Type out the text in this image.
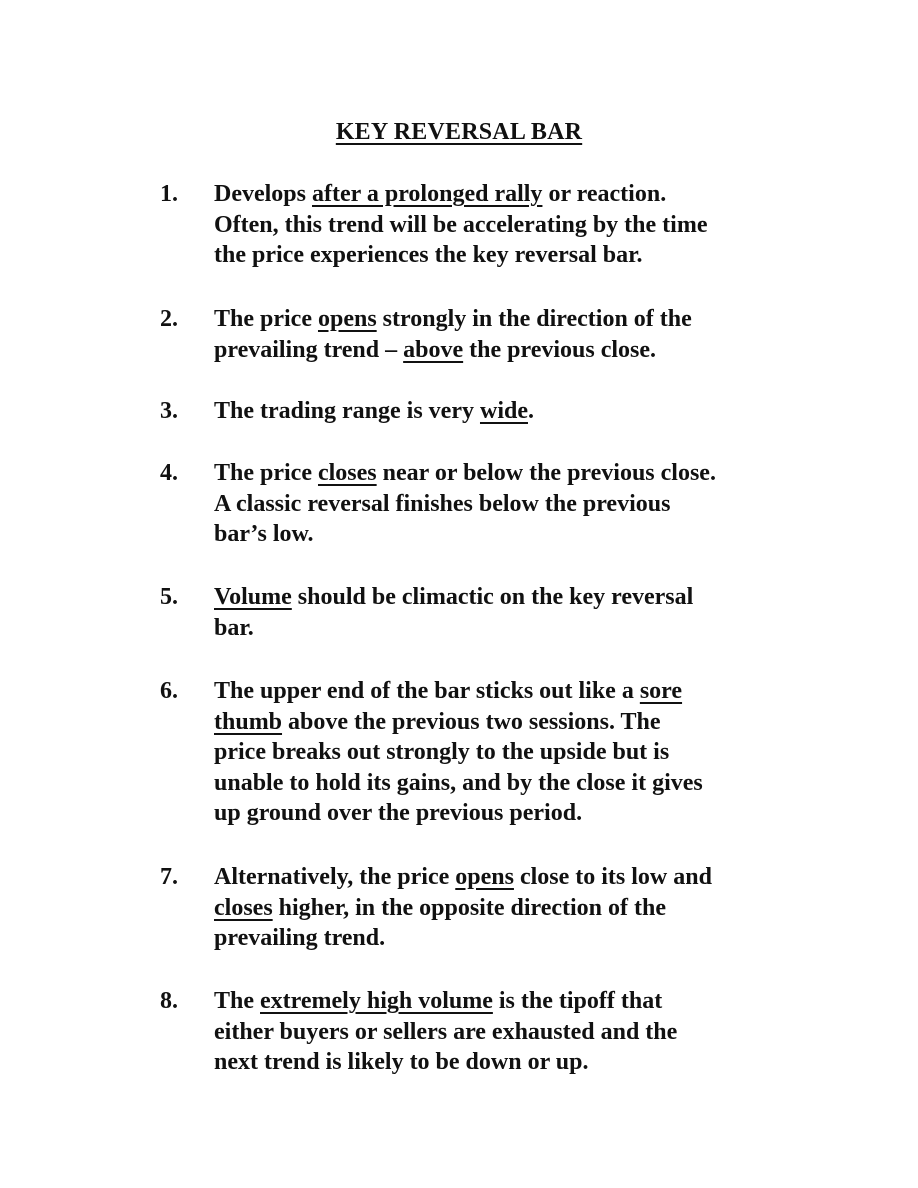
KEY REVERSAL BAR
1. Develops after a prolonged rally or reaction.
Often, this trend will be accelerating by the time
the price experiences the key reversal bar.
2. The price opens strongly in the direction of the
prevailing trend – above the previous close.
3. The trading range is very wide.
4. The price closes near or below the previous close.
A classic reversal finishes below the previous
bar’s low.
5. Volume should be climactic on the key reversal
bar.
6. The upper end of the bar sticks out like a sore
thumb above the previous two sessions. The
price breaks out strongly to the upside but is
unable to hold its gains, and by the close it gives
up ground over the previous period.
7. Alternatively, the price opens close to its low and
closes higher, in the opposite direction of the
prevailing trend.
8. The extremely high volume is the tipoff that
either buyers or sellers are exhausted and the
next trend is likely to be down or up.
